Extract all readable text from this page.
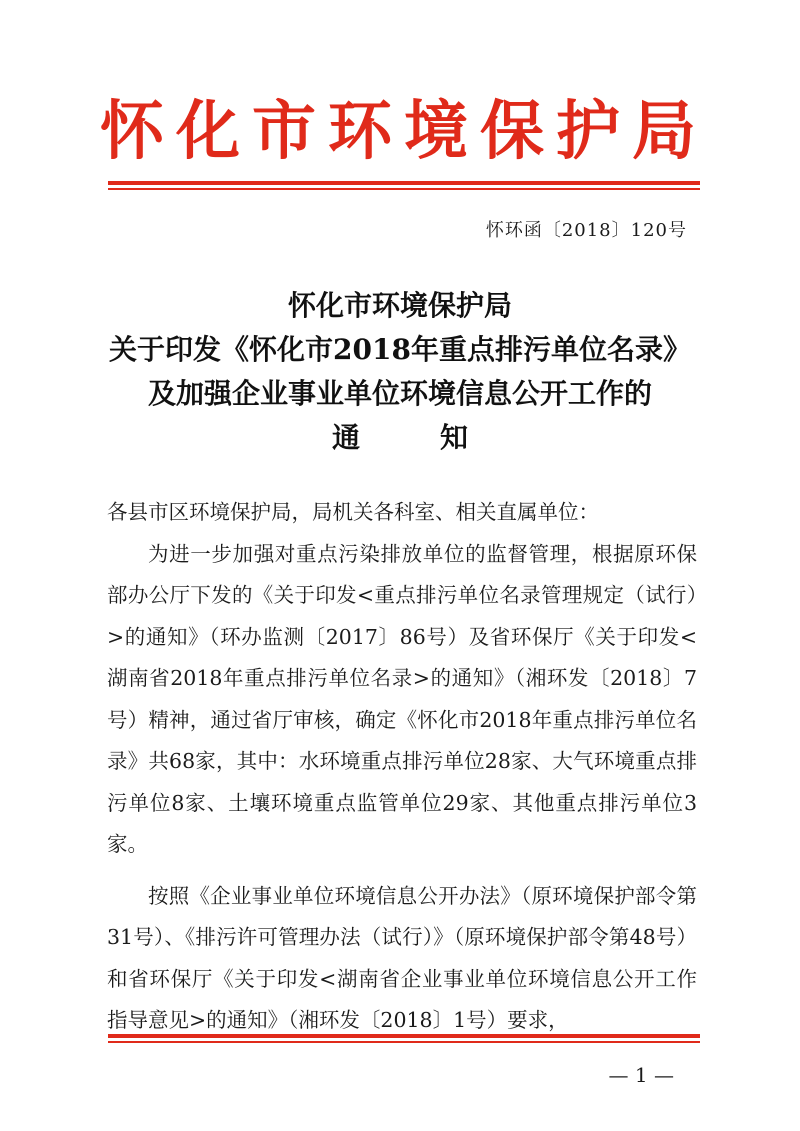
怀化市环境保护局
怀环函〔2018〕120号
怀化市环境保护局
关于印发《怀化市2018年重点排污单位名录》
及加强企业事业单位环境信息公开工作的
通　知

各县市区环境保护局，局机关各科室、相关直属单位：

为进一步加强对重点污染排放单位的监督管理，根据原环保部办公厅下发的《关于印发<重点排污单位名录管理规定（试行）>的通知》（环办监测〔2017〕86号）及省环保厅《关于印发<湖南省2018年重点排污单位名录>的通知》（湘环发〔2018〕7号）精神，通过省厅审核，确定《怀化市2018年重点排污单位名录》共68家，其中：水环境重点排污单位28家、大气环境重点排污单位8家、土壤环境重点监管单位29家、其他重点排污单位3家。

按照《企业事业单位环境信息公开办法》（原环境保护部令第31号）、《排污许可管理办法（试行）》（原环境保护部令第48号）和省环保厅《关于印发<湖南省企业事业单位环境信息公开工作指导意见>的通知》（湘环发〔2018〕1号）要求，

— 1 —
